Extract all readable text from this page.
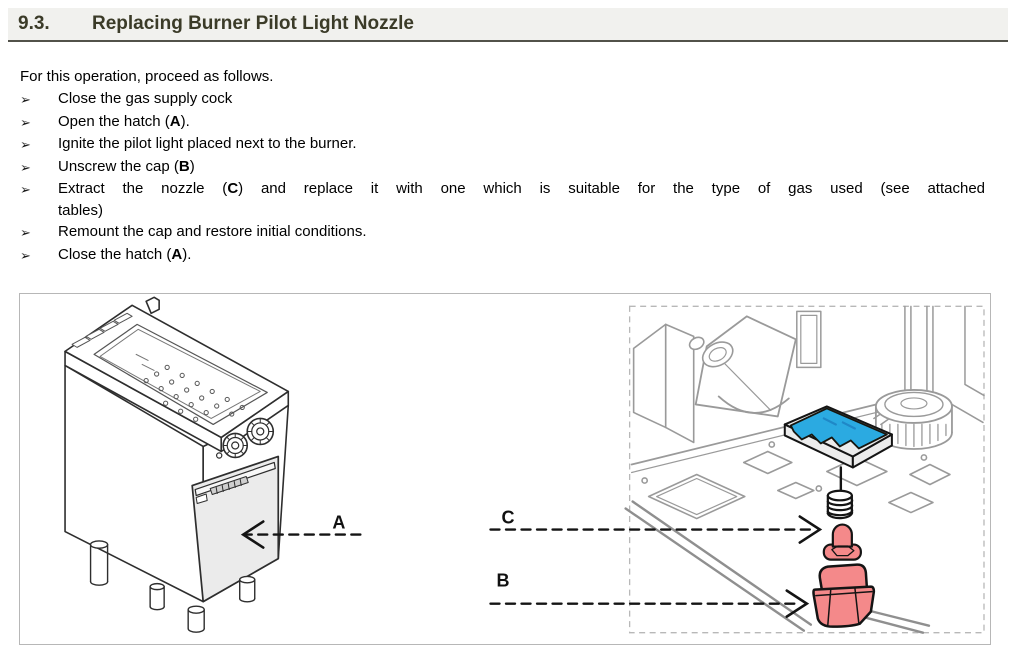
9.3.	Replacing Burner Pilot Light Nozzle

For this operation, proceed as follows.

➢	Close the gas supply cock
➢	Open the hatch (A).
➢	Ignite the pilot light placed next to the burner.
➢	Unscrew the cap (B)
➢	Extract the nozzle (C) and replace it with one which is suitable for the type of gas used (see attached
tables)
➢	Remount the cap and restore initial conditions.
➢	Close the hatch (A).
A	C
B
